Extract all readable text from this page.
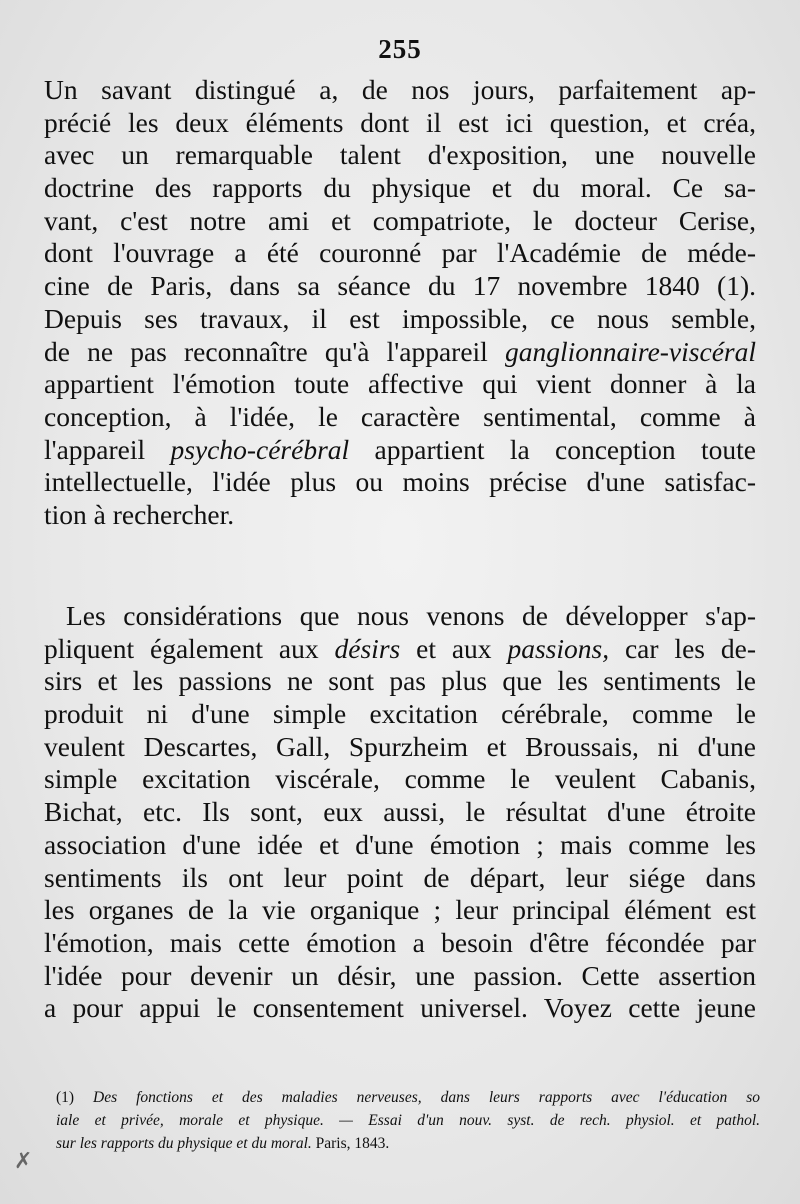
255
Un savant distingué a, de nos jours, parfaitement ap-
précié les deux éléments dont il est ici question, et créa,
avec un remarquable talent d'exposition, une nouvelle
doctrine des rapports du physique et du moral. Ce sa-
vant, c'est notre ami et compatriote, le docteur Cerise,
dont l'ouvrage a été couronné par l'Académie de méde-
cine de Paris, dans sa séance du 17 novembre 1840 (1).
Depuis ses travaux, il est impossible, ce nous semble,
de ne pas reconnaître qu'à l'appareil ganglionnaire-viscéral
appartient l'émotion toute affective qui vient donner à la
conception, à l'idée, le caractère sentimental, comme à
l'appareil psycho-cérébral appartient la conception toute
intellectuelle, l'idée plus ou moins précise d'une satisfac-
tion à rechercher.
Les considérations que nous venons de développer s'ap-
pliquent également aux désirs et aux passions, car les de-
sirs et les passions ne sont pas plus que les sentiments le
produit ni d'une simple excitation cérébrale, comme le
veulent Descartes, Gall, Spurzheim et Broussais, ni d'une
simple excitation viscérale, comme le veulent Cabanis,
Bichat, etc. Ils sont, eux aussi, le résultat d'une étroite
association d'une idée et d'une émotion ; mais comme les
sentiments ils ont leur point de départ, leur siége dans
les organes de la vie organique ; leur principal élément est
l'émotion, mais cette émotion a besoin d'être fécondée par
l'idée pour devenir un désir, une passion. Cette assertion
a pour appui le consentement universel. Voyez cette jeune
(1) Des fonctions et des maladies nerveuses, dans leurs rapports avec l'éducation so
iale et privée, morale et physique. — Essai d'un nouv. syst. de rech. physiol. et pathol.
sur les rapports du physique et du moral. Paris, 1843.
✗
